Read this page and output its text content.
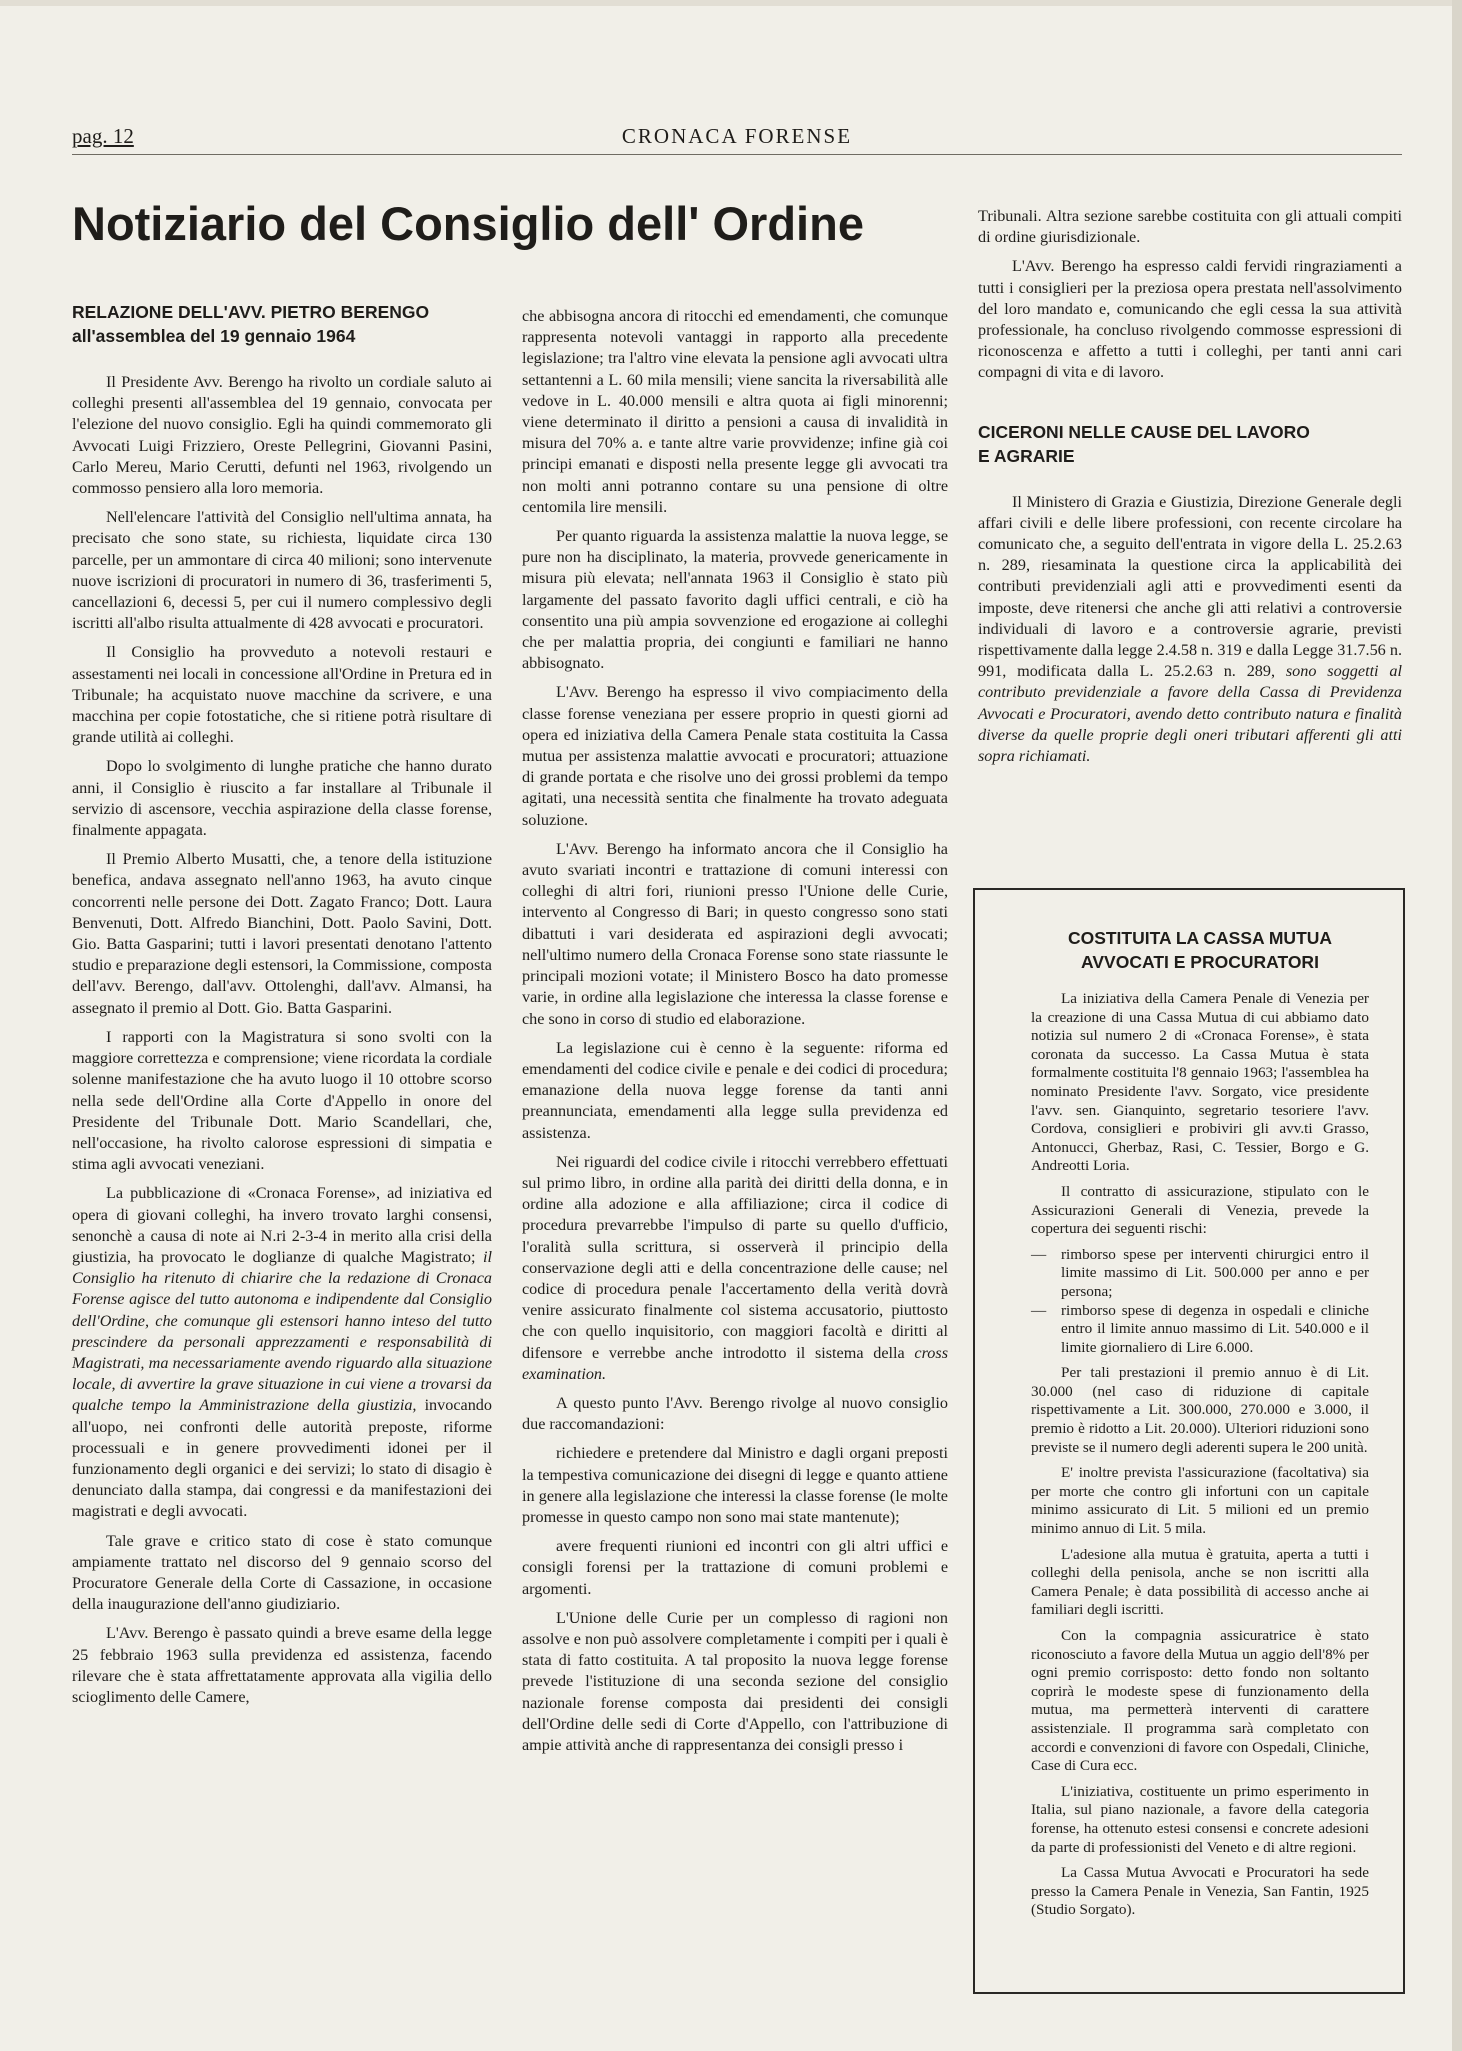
pag. 12	CRONACA FORENSE
Notiziario del Consiglio dell' Ordine
RELAZIONE DELL'AVV. PIETRO BERENGO
all'assemblea del 19 gennaio 1964

Il Presidente Avv. Berengo ha rivolto un cordiale saluto ai colleghi presenti all'assemblea del 19 gennaio, convocata per l'elezione del nuovo consiglio. Egli ha quindi commemorato gli Avvocati Luigi Frizziero, Oreste Pellegrini, Giovanni Pasini, Carlo Mereu, Mario Cerutti, defunti nel 1963, rivolgendo un commosso pensiero alla loro memoria.

Nell'elencare l'attività del Consiglio nell'ultima annata, ha precisato che sono state, su richiesta, liquidate circa 130 parcelle, per un ammontare di circa 40 milioni; sono intervenute nuove iscrizioni di procuratori in numero di 36, trasferimenti 5, cancellazioni 6, decessi 5, per cui il numero complessivo degli iscritti all'albo risulta attualmente di 428 avvocati e procuratori.

Il Consiglio ha provveduto a notevoli restauri e assestamenti nei locali in concessione all'Ordine in Pretura ed in Tribunale; ha acquistato nuove macchine da scrivere, e una macchina per copie fotostatiche, che si ritiene potrà risultare di grande utilità ai colleghi.

Dopo lo svolgimento di lunghe pratiche che hanno durato anni, il Consiglio è riuscito a far installare al Tribunale il servizio di ascensore, vecchia aspirazione della classe forense, finalmente appagata.

Il Premio Alberto Musatti, che, a tenore della istituzione benefica, andava assegnato nell'anno 1963, ha avuto cinque concorrenti nelle persone dei Dott. Zagato Franco; Dott. Laura Benvenuti, Dott. Alfredo Bianchini, Dott. Paolo Savini, Dott. Gio. Batta Gasparini; tutti i lavori presentati denotano l'attento studio e preparazione degli estensori, la Commissione, composta dell'avv. Berengo, dall'avv. Ottolenghi, dall'avv. Almansi, ha assegnato il premio al Dott. Gio. Batta Gasparini.

I rapporti con la Magistratura si sono svolti con la maggiore correttezza e comprensione; viene ricordata la cordiale solenne manifestazione che ha avuto luogo il 10 ottobre scorso nella sede dell'Ordine alla Corte d'Appello in onore del Presidente del Tribunale Dott. Mario Scandellari, che, nell'occasione, ha rivolto calorose espressioni di simpatia e stima agli avvocati veneziani.

La pubblicazione di «Cronaca Forense», ad iniziativa ed opera di giovani colleghi, ha invero trovato larghi consensi, senonchè a causa di note ai N.ri 2-3-4 in merito alla crisi della giustizia, ha provocato le doglianze di qualche Magistrato; il Consiglio ha ritenuto di chiarire che la redazione di Cronaca Forense agisce del tutto autonoma e indipendente dal Consiglio dell'Ordine, che comunque gli estensori hanno inteso del tutto prescindere da personali apprezzamenti e responsabilità di Magistrati, ma necessariamente avendo riguardo alla situazione locale, di avvertire la grave situazione in cui viene a trovarsi da qualche tempo la Amministrazione della giustizia, invocando all'uopo, nei confronti delle autorità preposte, riforme processuali e in genere provvedimenti idonei per il funzionamento degli organici e dei servizi; lo stato di disagio è denunciato dalla stampa, dai congressi e da manifestazioni dei magistrati e degli avvocati.

Tale grave e critico stato di cose è stato comunque ampiamente trattato nel discorso del 9 gennaio scorso del Procuratore Generale della Corte di Cassazione, in occasione della inaugurazione dell'anno giudiziario.

L'Avv. Berengo è passato quindi a breve esame della legge 25 febbraio 1963 sulla previdenza ed assistenza, facendo rilevare che è stata affrettatamente approvata alla vigilia dello scioglimento delle Camere,

che abbisogna ancora di ritocchi ed emendamenti, che comunque rappresenta notevoli vantaggi in rapporto alla precedente legislazione; tra l'altro vine elevata la pensione agli avvocati ultra settantenni a L. 60 mila mensili; viene sancita la riversabilità alle vedove in L. 40.000 mensili e altra quota ai figli minorenni; viene determinato il diritto a pensioni a causa di invalidità in misura del 70% a. e tante altre varie provvidenze; infine già coi principi emanati e disposti nella presente legge gli avvocati tra non molti anni potranno contare su una pensione di oltre centomila lire mensili.

Per quanto riguarda la assistenza malattie la nuova legge, se pure non ha disciplinato, la materia, provvede genericamente in misura più elevata; nell'annata 1963 il Consiglio è stato più largamente del passato favorito dagli uffici centrali, e ciò ha consentito una più ampia sovvenzione ed erogazione ai colleghi che per malattia propria, dei congiunti e familiari ne hanno abbisognato.

L'Avv. Berengo ha espresso il vivo compiacimento della classe forense veneziana per essere proprio in questi giorni ad opera ed iniziativa della Camera Penale stata costituita la Cassa mutua per assistenza malattie avvocati e procuratori; attuazione di grande portata e che risolve uno dei grossi problemi da tempo agitati, una necessità sentita che finalmente ha trovato adeguata soluzione.

L'Avv. Berengo ha informato ancora che il Consiglio ha avuto svariati incontri e trattazione di comuni interessi con colleghi di altri fori, riunioni presso l'Unione delle Curie, intervento al Congresso di Bari; in questo congresso sono stati dibattuti i vari desiderata ed aspirazioni degli avvocati; nell'ultimo numero della Cronaca Forense sono state riassunte le principali mozioni votate; il Ministero Bosco ha dato promesse varie, in ordine alla legislazione che interessa la classe forense e che sono in corso di studio ed elaborazione.

La legislazione cui è cenno è la seguente: riforma ed emendamenti del codice civile e penale e dei codici di procedura; emanazione della nuova legge forense da tanti anni preannunciata, emendamenti alla legge sulla previdenza ed assistenza.

Nei riguardi del codice civile i ritocchi verrebbero effettuati sul primo libro, in ordine alla parità dei diritti della donna, e in ordine alla adozione e alla affiliazione; circa il codice di procedura prevarrebbe l'impulso di parte su quello d'ufficio, l'oralità sulla scrittura, si osserverà il principio della conservazione degli atti e della concentrazione delle cause; nel codice di procedura penale l'accertamento della verità dovrà venire assicurato finalmente col sistema accusatorio, piuttosto che con quello inquisitorio, con maggiori facoltà e diritti al difensore e verrebbe anche introdotto il sistema della cross examination.

A questo punto l'Avv. Berengo rivolge al nuovo consiglio due raccomandazioni:

richiedere e pretendere dal Ministro e dagli organi preposti la tempestiva comunicazione dei disegni di legge e quanto attiene in genere alla legislazione che interessi la classe forense (le molte promesse in questo campo non sono mai state mantenute);

avere frequenti riunioni ed incontri con gli altri uffici e consigli forensi per la trattazione di comuni problemi e argomenti.

L'Unione delle Curie per un complesso di ragioni non assolve e non può assolvere completamente i compiti per i quali è stata di fatto costituita. A tal proposito la nuova legge forense prevede l'istituzione di una seconda sezione del consiglio nazionale forense composta dai presidenti dei consigli dell'Ordine delle sedi di Corte d'Appello, con l'attribuzione di ampie attività anche di rappresentanza dei consigli presso i

Tribunali. Altra sezione sarebbe costituita con gli attuali compiti di ordine giurisdizionale.

L'Avv. Berengo ha espresso caldi fervidi ringraziamenti a tutti i consiglieri per la preziosa opera prestata nell'assolvimento del loro mandato e, comunicando che egli cessa la sua attività professionale, ha concluso rivolgendo commosse espressioni di riconoscenza e affetto a tutti i colleghi, per tanti anni cari compagni di vita e di lavoro.

CICERONI NELLE CAUSE DEL LAVORO
E AGRARIE

Il Ministero di Grazia e Giustizia, Direzione Generale degli affari civili e delle libere professioni, con recente circolare ha comunicato che, a seguito dell'entrata in vigore della L. 25.2.63 n. 289, riesaminata la questione circa la applicabilità dei contributi previdenziali agli atti e provvedimenti esenti da imposte, deve ritenersi che anche gli atti relativi a controversie individuali di lavoro e a controversie agrarie, previsti rispettivamente dalla legge 2.4.58 n. 319 e dalla Legge 31.7.56 n. 991, modificata dalla L. 25.2.63 n. 289, sono soggetti al contributo previdenziale a favore della Cassa di Previdenza Avvocati e Procuratori, avendo detto contributo natura e finalità diverse da quelle proprie degli oneri tributari afferenti gli atti sopra richiamati.

COSTITUITA LA CASSA MUTUA
AVVOCATI E PROCURATORI

La iniziativa della Camera Penale di Venezia per la creazione di una Cassa Mutua di cui abbiamo dato notizia sul numero 2 di «Cronaca Forense», è stata coronata da successo. La Cassa Mutua è stata formalmente costituita l'8 gennaio 1963; l'assemblea ha nominato Presidente l'avv. Sorgato, vice presidente l'avv. sen. Gianquinto, segretario tesoriere l'avv. Cordova, consiglieri e probiviri gli avv.ti Grasso, Antonucci, Gherbaz, Rasi, C. Tessier, Borgo e G. Andreotti Loria.

Il contratto di assicurazione, stipulato con le Assicurazioni Generali di Venezia, prevede la copertura dei seguenti rischi:

— rimborso spese per interventi chirurgici entro il limite massimo di Lit. 500.000 per anno e per persona;
— rimborso spese di degenza in ospedali e cliniche entro il limite annuo massimo di Lit. 540.000 e il limite giornaliero di Lire 6.000.

Per tali prestazioni il premio annuo è di Lit. 30.000 (nel caso di riduzione di capitale rispettivamente a Lit. 300.000, 270.000 e 3.000, il premio è ridotto a Lit. 20.000). Ulteriori riduzioni sono previste se il numero degli aderenti supera le 200 unità.

E' inoltre prevista l'assicurazione (facoltativa) sia per morte che contro gli infortuni con un capitale minimo assicurato di Lit. 5 milioni ed un premio minimo annuo di Lit. 5 mila.

L'adesione alla mutua è gratuita, aperta a tutti i colleghi della penisola, anche se non iscritti alla Camera Penale; è data possibilità di accesso anche ai familiari degli iscritti.

Con la compagnia assicuratrice è stato riconosciuto a favore della Mutua un aggio dell'8% per ogni premio corrisposto: detto fondo non soltanto coprirà le modeste spese di funzionamento della mutua, ma permetterà interventi di carattere assistenziale. Il programma sarà completato con accordi e convenzioni di favore con Ospedali, Cliniche, Case di Cura ecc.

L'iniziativa, costituente un primo esperimento in Italia, sul piano nazionale, a favore della categoria forense, ha ottenuto estesi consensi e concrete adesioni da parte di professionisti del Veneto e di altre regioni.

La Cassa Mutua Avvocati e Procuratori ha sede presso la Camera Penale in Venezia, San Fantin, 1925 (Studio Sorgato).
